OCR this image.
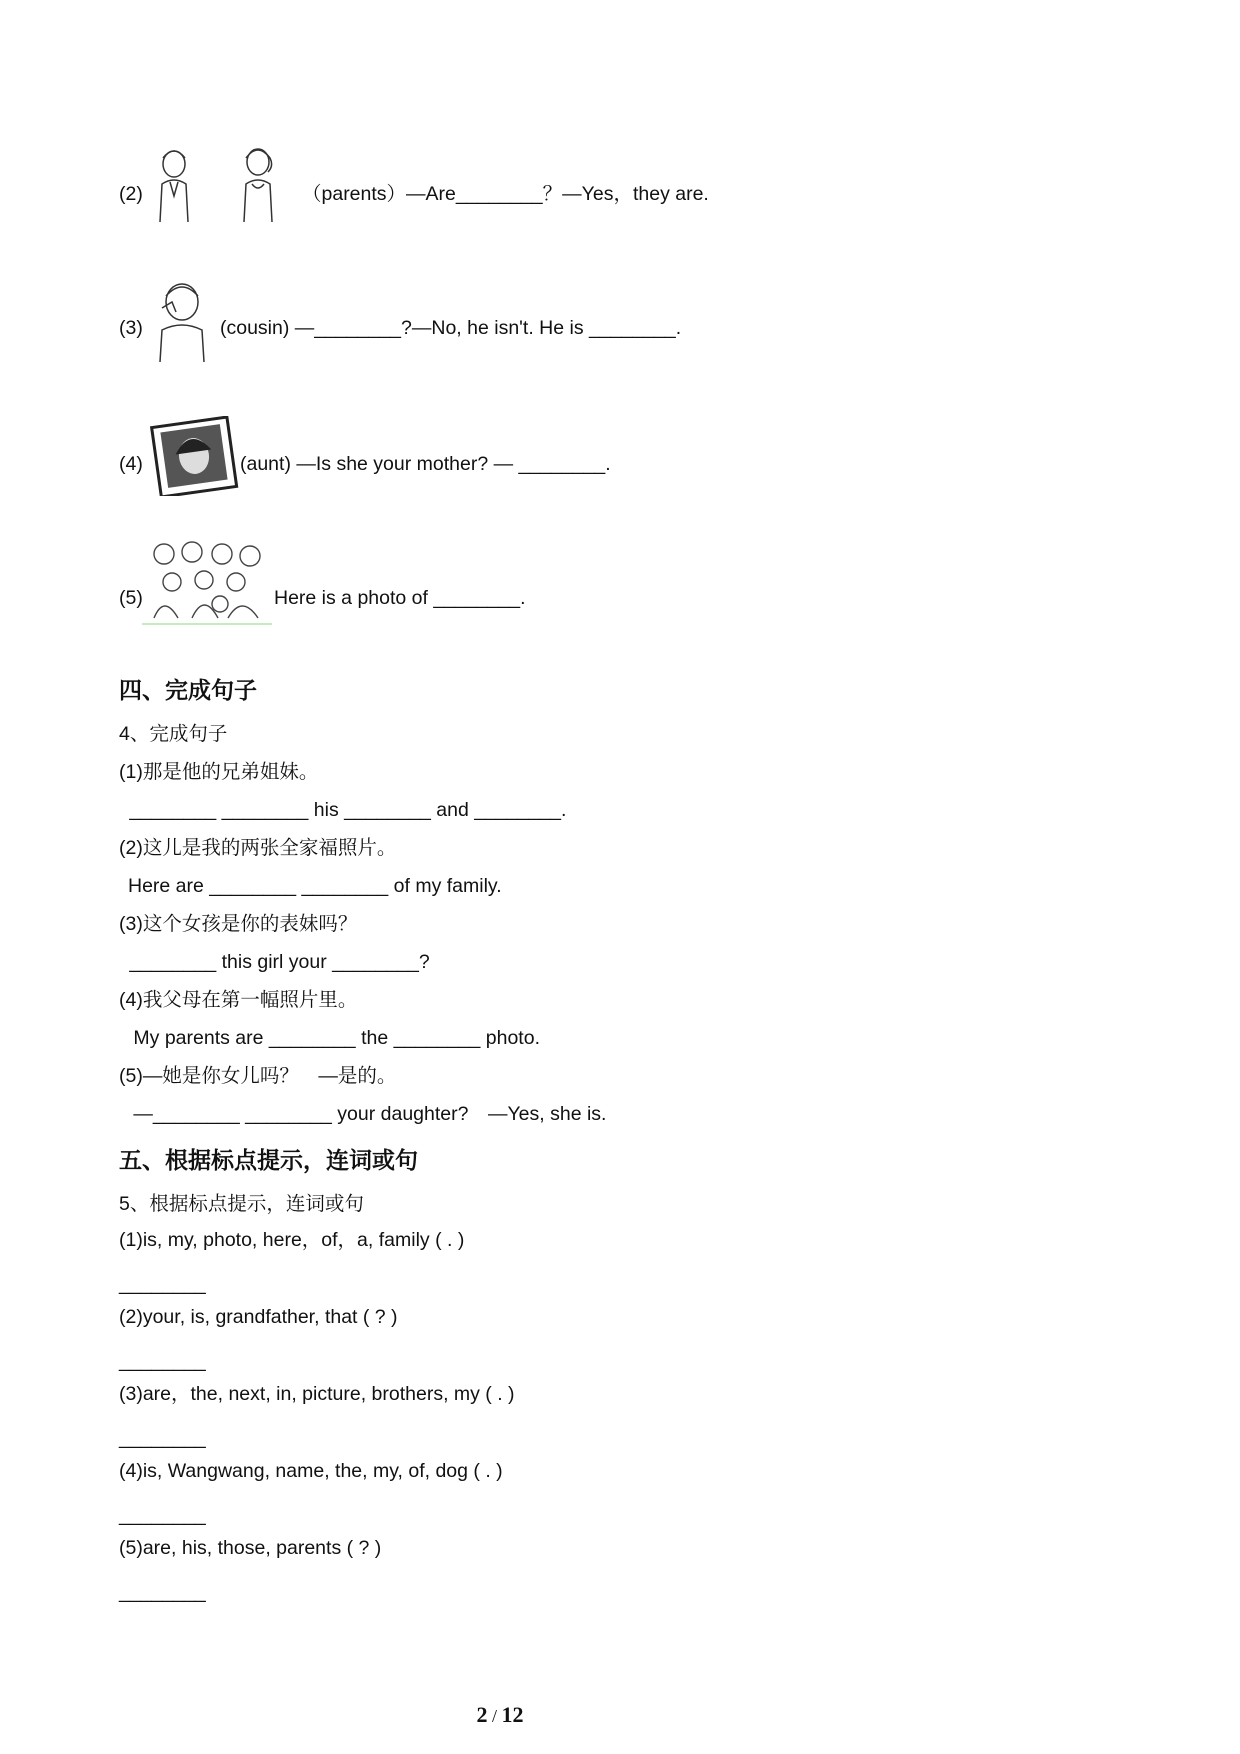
(2)	（parents）—Are________？—Yes，they are.
(3)	(cousin) —________?—No, he isn't. He is ________.
(4)	(aunt) —Is she your mother? — ________.
(5)	Here is a photo of ________.
四、完成句子
4、完成句子
(1)那是他的兄弟姐妹。
________ ________ his ________ and ________.
(2)这儿是我的两张全家福照片。
Here are ________ ________ of my family.
(3)这个女孩是你的表妹吗？
________ this girl your ________?
(4)我父母在第一幅照片里。
My parents are ________ the ________ photo.
(5)—她是你女儿吗？　—是的。
—________ ________ your daughter?　—Yes, she is.
五、根据标点提示，连词或句
5、根据标点提示，连词或句
(1)is, my, photo, here，of，a, family ( . )
________
(2)your, is, grandfather, that ( ? )
________
(3)are，the, next, in, picture, brothers, my ( . )
________
(4)is, Wangwang, name, the, my, of, dog ( . )
________
(5)are, his, those, parents ( ? )
________
2 / 12
